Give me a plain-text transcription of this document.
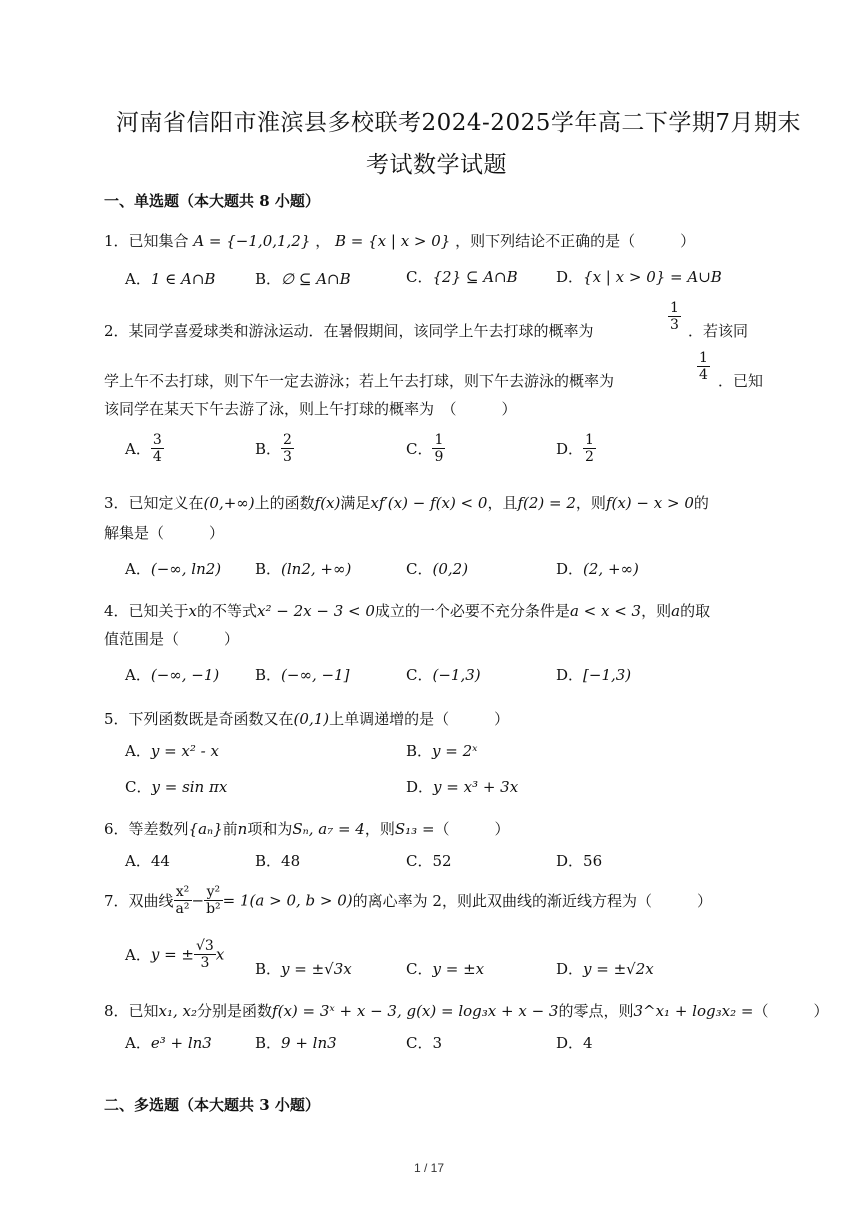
河南省信阳市淮滨县多校联考2024-2025学年高二下学期7月期末
考试数学试题
一、单选题（本大题共 8 小题）
1．已知集合 A = {−1,0,1,2} ， B = {x | x > 0} ，则下列结论不正确的是（　　　）
A．1 ∈ A∩B	B．∅ ⊆ A∩B	C．{2} ⊆ A∩B	D．{x | x > 0} = A∪B
2．某同学喜爱球类和游泳运动．在暑假期间，该同学上午去打球的概率为	$\frac{1}{3}$ ．若该同
学上午不去打球，则下午一定去游泳；若上午去打球，则下午去游泳的概率为	$\frac{1}{4}$ ．已知
该同学在某天下午去游了泳，则上午打球的概率为　（　　　）
A． $\frac{3}{4}$	B． $\frac{2}{3}$	C． $\frac{1}{9}$	D． $\frac{1}{2}$
3．已知定义在(0,+∞)上的函数f(x)满足xf′(x) − f(x) < 0，且f(2) = 2，则f(x) − x > 0的
解集是（　　　）
A．(−∞, ln2) B．(ln2, +∞)	C．(0,2)	D．(2, +∞)
4．已知关于x的不等式x² − 2x − 3 < 0成立的一个必要不充分条件是a < x < 3，则a的取
值范围是（　　　）
A．(−∞, −1) B．(−∞, −1]	C．(−1,3)	D．[−1,3)
5．下列函数既是奇函数又在(0,1)上单调递增的是（　　　）
A．y = x² - x	B．y = 2ˣ
C．y = sin πx	D．y = x³ + 3x
6．等差数列{aₙ}前n项和为Sₙ, a₇ = 4，则S₁₃ =（　　　）
A．44	B．48	C．52	D．56
7．双曲线 $\frac{\text{x²}}{\text{a²}} - \frac{\text{y²}}{\text{b²}} = 1(a > 0$, b > 0)的离心率为 2，则此双曲线的渐近线方程为（　　　）
A．y = ± $\frac{√3}{3}$ x
B．y = ±√3x	C．y = ±x	D．y = ±√2x
8．已知x₁, x₂分别是函数f(x) = 3ˣ + x − 3, g(x) = log₃x + x − 3的零点，则3^x₁ + log₃x₂ =（　　　）
A．e³ + ln3	B．9 + ln3	C．3	D．4
二、多选题（本大题共 3 小题）
1 / 17
